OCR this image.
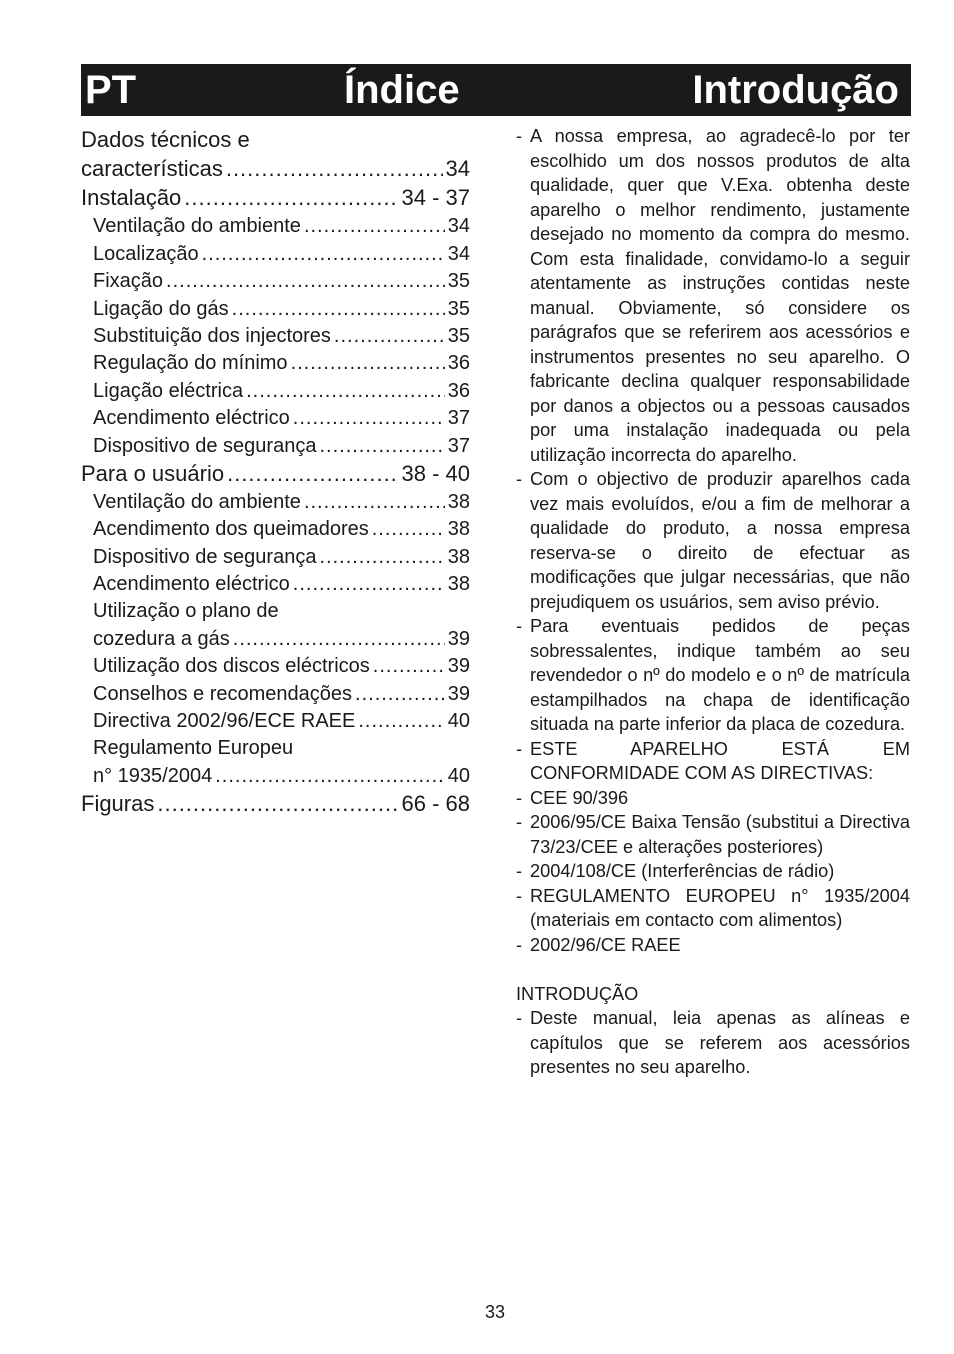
PT	Índice	Introdução
Dados técnicos e
características .....	34
Instalação .....	34 - 37
Ventilação do ambiente .....	34
Localização .....	34
Fixação .....	35
Ligação do gás .....	35
Substituição dos injectores .....	35
Regulação do mínimo .....	36
Ligação eléctrica .....	36
Acendimento eléctrico .....	37
Dispositivo de segurança .....	37
Para o usuário .....	38 - 40
Ventilação do ambiente .....	38
Acendimento dos queimadores .....	38
Dispositivo de segurança .....	38
Acendimento eléctrico .....	38
Utilização o plano de
cozedura a gás .....	39
Utilização dos discos eléctricos .....	39
Conselhos e recomendações .....	39
Directiva 2002/96/ECE RAEE .....	40
Regulamento Europeu
n° 1935/2004 .....	40
Figuras .....	66 - 68
- A nossa empresa, ao agradecê-lo por ter escolhido um dos nossos produtos de alta qualidade, quer que V.Exa. obtenha deste aparelho o melhor rendimento, justamente desejado no momento da compra do mesmo. Com esta finalidade, convidamo-lo a seguir atentamente as instruções contidas neste manual. Obviamente, só considere os parágrafos que se referirem aos acessórios e instrumentos presentes no seu aparelho. O fabricante declina qualquer responsabilidade por danos a objectos ou a pessoas causados por uma instalação inadequada ou pela utilização incorrecta do aparelho.
- Com o objectivo de produzir aparelhos cada vez mais evoluídos, e/ou a fim de melhorar a qualidade do produto, a nossa empresa reserva-se o direito de efectuar as modificações que julgar necessárias, que não prejudiquem os usuários, sem aviso prévio.
- Para eventuais pedidos de peças sobressalentes, indique também ao seu revendedor o nº do modelo e o nº de matrícula estampilhados na chapa de identificação situada na parte inferior da placa de cozedura.
- ESTE APARELHO ESTÁ EM CONFORMIDADE COM AS DIRECTIVAS:
- CEE 90/396
- 2006/95/CE Baixa Tensão (substitui a Directiva 73/23/CEE e alterações posteriores)
- 2004/108/CE (Interferências de rádio)
- REGULAMENTO EUROPEU n° 1935/2004 (materiais em contacto com alimentos)
- 2002/96/CE RAEE
INTRODUÇÃO
- Deste manual, leia apenas as alíneas e capítulos que se referem aos acessórios presentes no seu aparelho.
33
